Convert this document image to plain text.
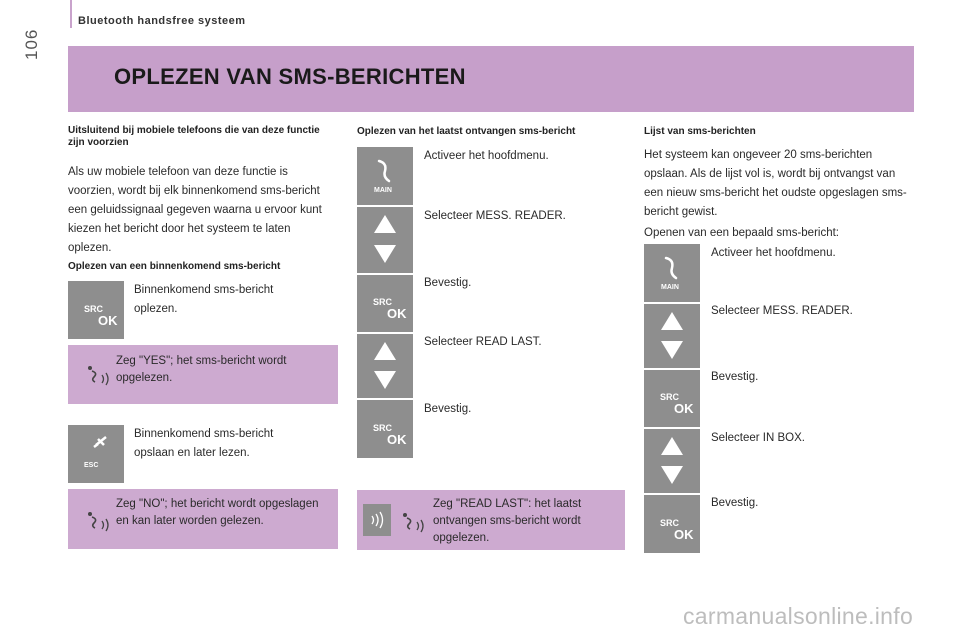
106
Bluetooth handsfree systeem
OPLEZEN VAN SMS-BERICHTEN
Uitsluitend bij mobiele telefoons die van deze functie zijn voorzien
Als uw mobiele telefoon van deze functie is voorzien, wordt bij elk binnenkomend sms-bericht een geluidssignaal gegeven waarna u ervoor kunt kiezen het bericht door het systeem te laten oplezen.
Oplezen van een binnenkomend sms-bericht
SRC
OK
Binnenkomend sms-bericht oplezen.
Zeg "YES"; het sms-bericht wordt opgelezen.
ESC
Binnenkomend sms-bericht opslaan en later lezen.
Zeg "NO"; het bericht wordt opgeslagen en kan later worden gelezen.
Oplezen van het laatst ontvangen sms-bericht
MAIN
Activeer het hoofdmenu.
Selecteer MESS. READER.
SRC
OK
Bevestig.
Selecteer READ LAST.
SRC
OK
Bevestig.
Zeg "READ LAST": het laatst ontvangen sms-bericht wordt opgelezen.
Lijst van sms-berichten
Het systeem kan ongeveer 20 sms-berichten opslaan. Als de lijst vol is, wordt bij ontvangst van een nieuw sms-bericht het oudste opgeslagen sms-bericht gewist.
Openen van een bepaald sms-bericht:
MAIN
Activeer het hoofdmenu.
Selecteer MESS. READER.
SRC
OK
Bevestig.
Selecteer IN BOX.
SRC
OK
Bevestig.
carmanualsonline.info
